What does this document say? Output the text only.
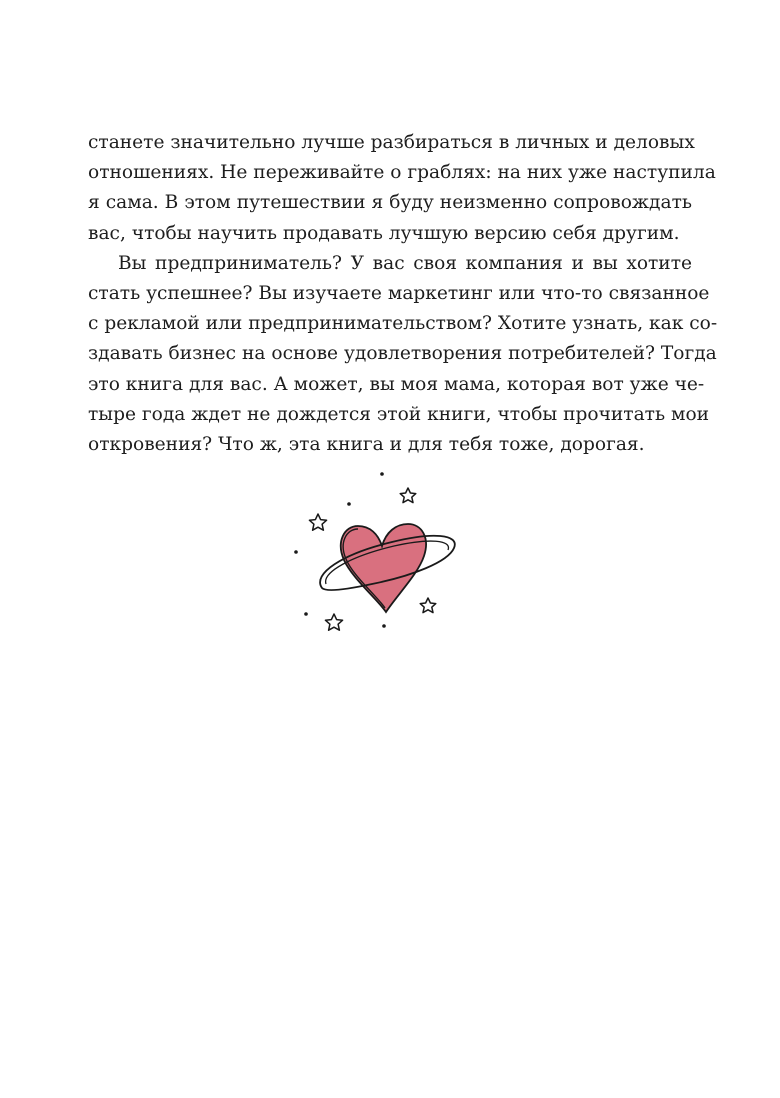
станете значительно лучше разбираться в личных и деловых
отношениях. Не переживайте о граблях: на них уже наступила
я сама. В этом путешествии я буду неизменно сопровождать
вас, чтобы научить продавать лучшую версию себя другим.

Вы предприниматель? У вас своя компания и вы хотите
стать успешнее? Вы изучаете маркетинг или что-то связанное
с рекламой или предпринимательством? Хотите узнать, как со-
здавать бизнес на основе удовлетворения потребителей? Тогда
это книга для вас. А может, вы моя мама, которая вот уже че-
тыре года ждет не дождется этой книги, чтобы прочитать мои
откровения? Что ж, эта книга и для тебя тоже, дорогая.
